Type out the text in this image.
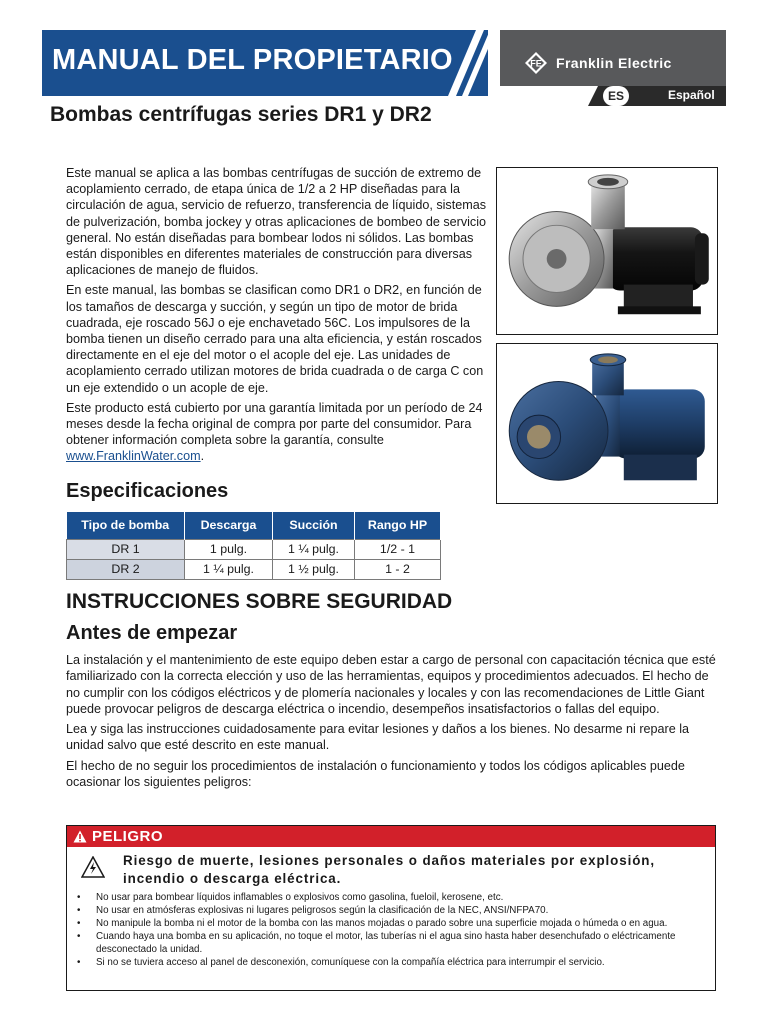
MANUAL DEL PROPIETARIO	FE Franklin Electric
ES	Español
Bombas centrífugas series DR1 y DR2

Este manual se aplica a las bombas centrífugas de succión de extremo de acoplamiento cerrado, de etapa única de 1/2 a 2 HP diseñadas para la circulación de agua, servicio de refuerzo, transferencia de líquido, sistemas de pulverización, bomba jockey y otras aplicaciones de bombeo de servicio general. No están diseñadas para bombear lodos ni sólidos. Las bombas están disponibles en diferentes materiales de construcción para diversas aplicaciones de manejo de fluidos.

En este manual, las bombas se clasifican como DR1 o DR2, en función de los tamaños de descarga y succión, y según un tipo de motor de brida cuadrada, eje roscado 56J o eje enchavetado 56C. Los impulsores de la bomba tienen un diseño cerrado para una alta eficiencia, y están roscados directamente en el eje del motor o el acople del eje. Las unidades de acoplamiento cerrado utilizan motores de brida cuadrada o de carga C con un eje extendido o un acople de eje.

Este producto está cubierto por una garantía limitada por un período de 24 meses desde la fecha original de compra por parte del consumidor. Para obtener información completa sobre la garantía, consulte www.FranklinWater.com.

Especificaciones
Tipo de bomba	Descarga	Succión	Rango HP
DR 1	1 pulg.	1 ¼ pulg.	1/2 - 1
DR 2	1 ¼ pulg.	1 ½ pulg.	1 - 2
INSTRUCCIONES SOBRE SEGURIDAD
Antes de empezar

La instalación y el mantenimiento de este equipo deben estar a cargo de personal con capacitación técnica que esté familiarizado con la correcta elección y uso de las herramientas, equipos y procedimientos adecuados. El hecho de no cumplir con los códigos eléctricos y de plomería nacionales y locales y con las recomendaciones de Little Giant puede provocar peligros de descarga eléctrica o incendio, desempeños insatisfactorios o fallas del equipo.

Lea y siga las instrucciones cuidadosamente para evitar lesiones y daños a los bienes. No desarme ni repare la unidad salvo que esté descrito en este manual.

El hecho de no seguir los procedimientos de instalación o funcionamiento y todos los códigos aplicables puede ocasionar los siguientes peligros:

PELIGRO
Riesgo de muerte, lesiones personales o daños materiales por explosión, incendio o descarga eléctrica.
• No usar para bombear líquidos inflamables o explosivos como gasolina, fueloil, kerosene, etc.
• No usar en atmósferas explosivas ni lugares peligrosos según la clasificación de la NEC, ANSI/NFPA70.
• No manipule la bomba ni el motor de la bomba con las manos mojadas o parado sobre una superficie mojada o húmeda o en agua.
• Cuando haya una bomba en su aplicación, no toque el motor, las tuberías ni el agua sino hasta haber desenchufado o eléctricamente desconectado la unidad.
• Si no se tuviera acceso al panel de desconexión, comuníquese con la compañía eléctrica para interrumpir el servicio.
